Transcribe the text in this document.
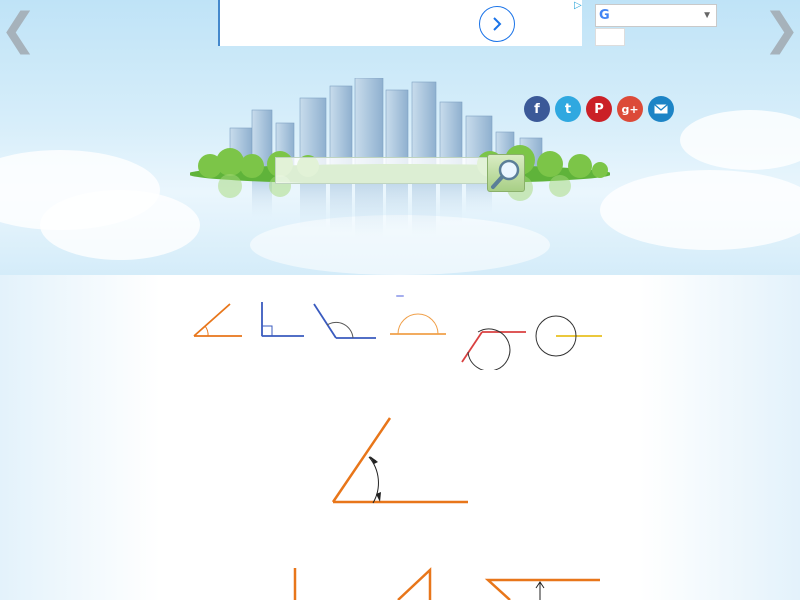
❮	❯
▷

G	▼

f	t	P	g+
